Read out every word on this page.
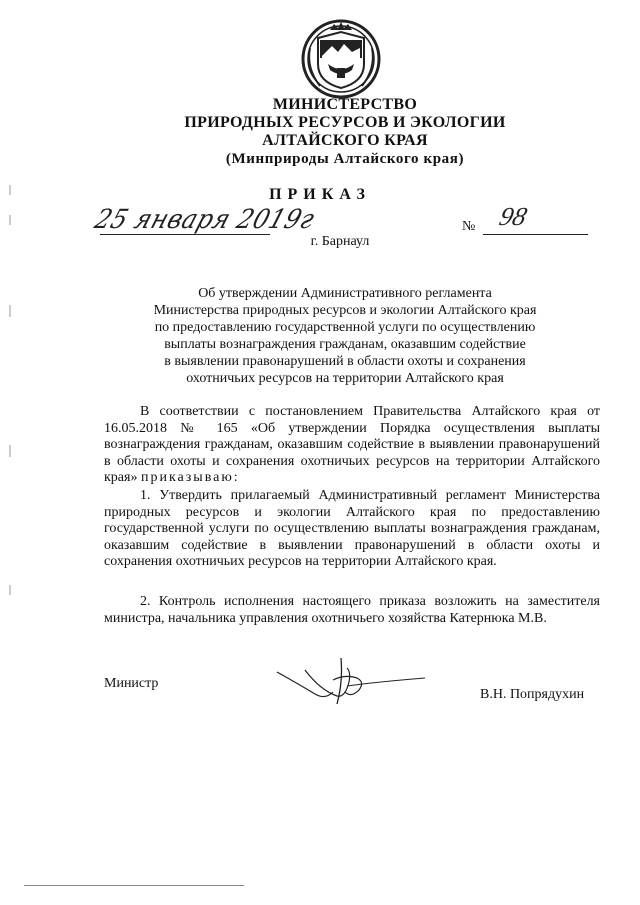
МИНИСТЕРСТВО
ПРИРОДНЫХ РЕСУРСОВ И ЭКОЛОГИИ
АЛТАЙСКОГО КРАЯ
(Минприроды Алтайского края)
ПРИКАЗ
25 января 2019г	№ 98
г. Барнаул
Об утверждении Административного регламента
Министерства природных ресурсов и экологии Алтайского края
по предоставлению государственной услуги по осуществлению
выплаты вознаграждения гражданам, оказавшим содействие
в выявлении правонарушений в области охоты и сохранения
охотничьих ресурсов на территории Алтайского края
В соответствии с постановлением Правительства Алтайского края от 16.05.2018 № 165 «Об утверждении Порядка осуществления выплаты вознаграждения гражданам, оказавшим содействие в выявлении правонарушений в области охоты и сохранения охотничьих ресурсов на территории Алтайского края» приказываю:
1. Утвердить прилагаемый Административный регламент Министерства природных ресурсов и экологии Алтайского края по предоставлению государственной услуги по осуществлению выплаты вознаграждения гражданам, оказавшим содействие в выявлении правонарушений в области охоты и сохранения охотничьих ресурсов на территории Алтайского края.
2. Контроль исполнения настоящего приказа возложить на заместителя министра, начальника управления охотничьего хозяйства Катернюка М.В.
Министр
В.Н. Попрядухин
